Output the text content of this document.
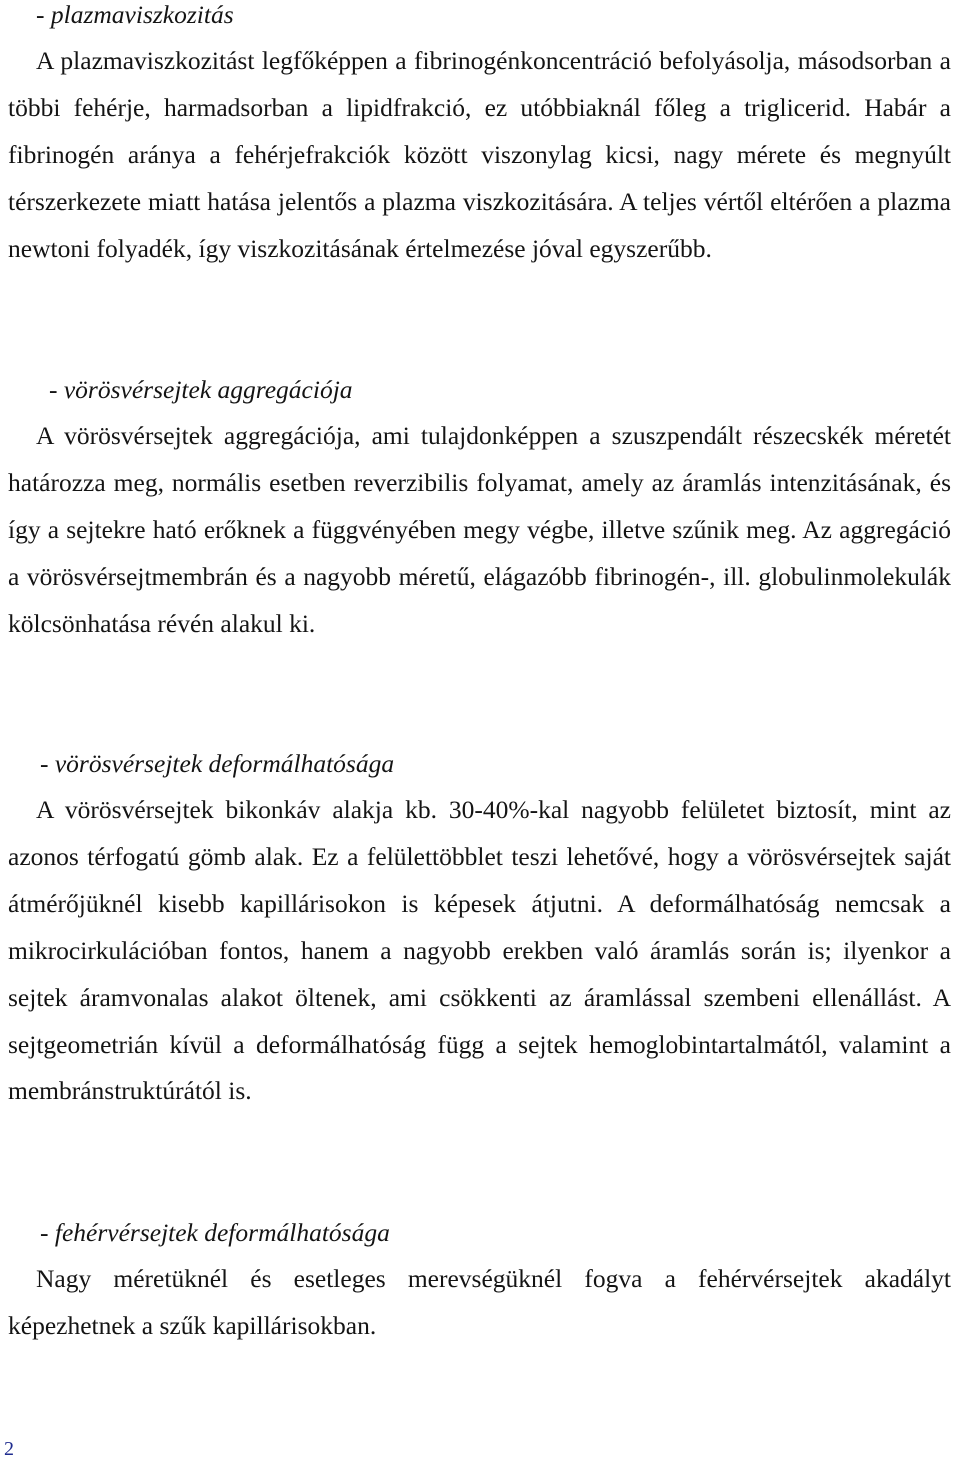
- plazmaviszkozitás

A plazmaviszkozitást legfőképpen a fibrinogénkoncentráció befolyásolja, másodsorban a többi fehérje, harmadsorban a lipidfrakció, ez utóbbiaknál főleg a triglicerid. Habár a fibrinogén aránya a fehérjefrakciók között viszonylag kicsi, nagy mérete és megnyúlt térszerkezete miatt hatása jelentős a plazma viszkozitására. A teljes vértől eltérően a plazma newtoni folyadék, így viszkozitásának értelmezése jóval egyszerűbb.

- vörösvérsejtek aggregációja

A vörösvérsejtek aggregációja, ami tulajdonképpen a szuszpendált részecskék méretét határozza meg, normális esetben reverzibilis folyamat, amely az áramlás intenzitásának, és így a sejtekre ható erőknek a függvényében megy végbe, illetve szűnik meg. Az aggregáció a vörösvérsejtmembrán és a nagyobb méretű, elágazóbb fibrinogén-, ill. globulinmolekulák kölcsönhatása révén alakul ki.

- vörösvérsejtek deformálhatósága

A vörösvérsejtek bikonkáv alakja kb. 30-40%-kal nagyobb felületet biztosít, mint az azonos térfogatú gömb alak. Ez a felülettöbblet teszi lehetővé, hogy a vörösvérsejtek saját átmérőjüknél kisebb kapillárisokon is képesek átjutni. A deformálhatóság nemcsak a mikrocirkulációban fontos, hanem a nagyobb erekben való áramlás során is; ilyenkor a sejtek áramvonalas alakot öltenek, ami csökkenti az áramlással szembeni ellenállást. A sejtgeometrián kívül a deformálhatóság függ a sejtek hemoglobintartalmától, valamint a membránstruktúrától is.

- fehérvérsejtek deformálhatósága

Nagy méretüknél és esetleges merevségüknél fogva a fehérvérsejtek akadályt képezhetnek a szűk kapillárisokban.

2
